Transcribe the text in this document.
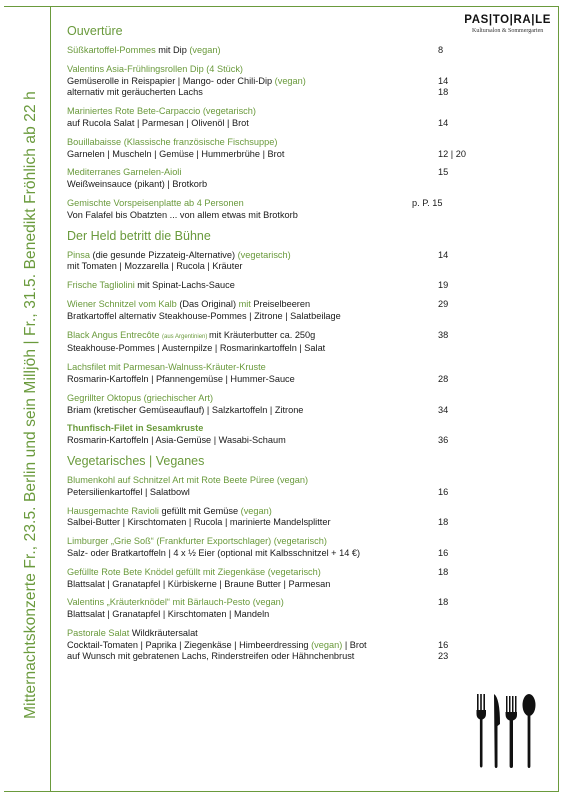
Mitternachtskonzerte Fr., 23.5. Berlin und sein Milljöh | Fr., 31.5. Benedikt Fröhlich ab 22 h
PAS|TO|RA|LE
Kultursalon & Sommergarten
Ouvertüre
Süßkartoffel-Pommes mit Dip (vegan)	8
Valentins Asia-Frühlingsrollen Dip (4 Stück)
Gemüserolle in Reispapier | Mango- oder Chili-Dip (vegan)	14
alternativ mit geräucherten Lachs	18
Mariniertes Rote Bete-Carpaccio (vegetarisch)
auf Rucola Salat | Parmesan | Olivenöl | Brot	14
Bouillabaisse (Klassische französische Fischsuppe)
Garnelen | Muscheln | Gemüse | Hummerbrühe | Brot	12 | 20
Mediterranes Garnelen-Aioli	15
Weißweinsauce (pikant) | Brotkorb
Gemischte Vorspeisenplatte ab 4 Personen	p. P. 15
Von Falafel bis Obatzten ... von allem etwas mit Brotkorb
Der Held betritt die Bühne
Pinsa (die gesunde Pizzateig-Alternative) (vegetarisch)	14
mit Tomaten | Mozzarella | Rucola | Kräuter
Frische Tagliolini mit Spinat-Lachs-Sauce	19
Wiener Schnitzel vom Kalb (Das Original) mit Preiselbeeren	29
Bratkartoffel alternativ Steakhouse-Pommes | Zitrone | Salatbeilage
Black Angus Entrecôte (aus Argentinien) mit Kräuterbutter ca. 250g	38
Steakhouse-Pommes | Austernpilze | Rosmarinkartoffeln | Salat
Lachsfilet mit Parmesan-Walnuss-Kräuter-Kruste
Rosmarin-Kartoffeln | Pfannengemüse | Hummer-Sauce	28
Gegrillter Oktopus (griechischer Art)
Briam (kretischer Gemüseauflauf) | Salzkartoffeln | Zitrone	34
Thunfisch-Filet in Sesamkruste
Rosmarin-Kartoffeln | Asia-Gemüse | Wasabi-Schaum	36
Vegetarisches | Veganes
Blumenkohl auf Schnitzel Art mit Rote Beete Püree (vegan)
Petersilienkartoffel | Salatbowl	16
Hausgemachte Ravioli gefüllt mit Gemüse (vegan)
Salbei-Butter | Kirschtomaten | Rucola | marinierte Mandelsplitter	18
Limburger „Grie Soß“ (Frankfurter Exportschlager) (vegetarisch)
Salz- oder Bratkartoffeln | 4 x ½ Eier (optional mit Kalbsschnitzel + 14 €)	16
Gefüllte Rote Bete Knödel gefüllt mit Ziegenkäse (vegetarisch)	18
Blattsalat | Granatapfel | Kürbiskerne | Braune Butter | Parmesan
Valentins „Kräuterknödel“ mit Bärlauch-Pesto (vegan)	18
Blattsalat | Granatapfel | Kirschtomaten | Mandeln
Pastorale Salat Wildkräutersalat
Cocktail-Tomaten | Paprika | Ziegenkäse | Himbeerdressing (vegan) | Brot	16
auf Wunsch mit gebratenen Lachs, Rinderstreifen oder Hähnchenbrust	23
